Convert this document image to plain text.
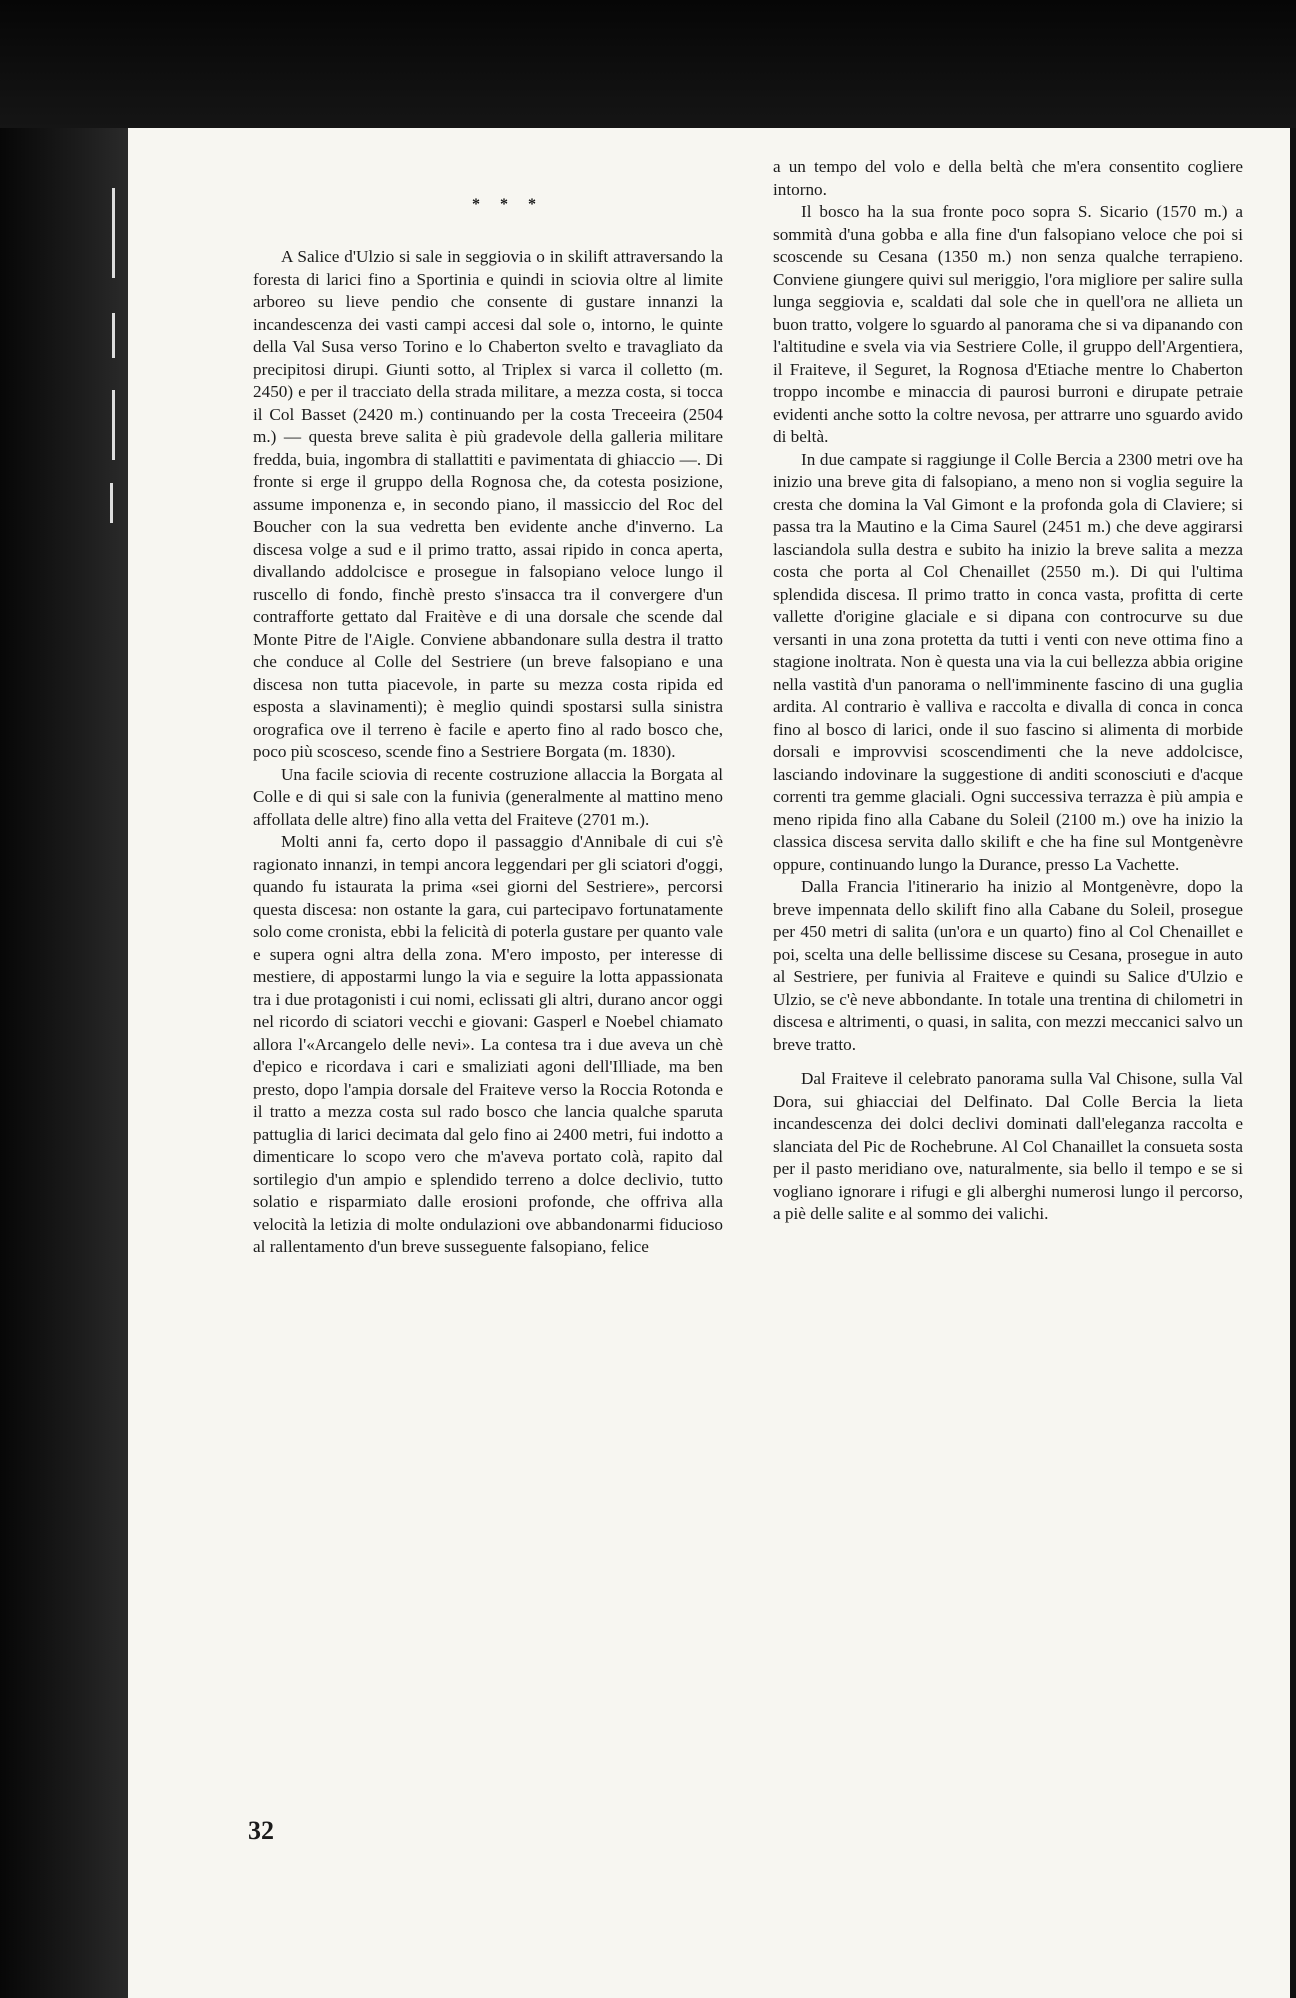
* * *

A Salice d'Ulzio si sale in seggiovia o in skilift attraversando la foresta di larici fino a Sportinia e quindi in sciovia oltre al limite arboreo su lieve pendio che consente di gustare innanzi la incandescenza dei vasti campi accesi dal sole o, intorno, le quinte della Val Susa verso Torino e lo Chaberton svelto e travagliato da precipitosi dirupi. Giunti sotto, al Triplex si varca il colletto (m. 2450) e per il tracciato della strada militare, a mezza costa, si tocca il Col Basset (2420 m.) continuando per la costa Treceeira (2504 m.) — questa breve salita è più gradevole della galleria militare fredda, buia, ingombra di stallattiti e pavimentata di ghiaccio —. Di fronte si erge il gruppo della Rognosa che, da cotesta posizione, assume imponenza e, in secondo piano, il massiccio del Roc del Boucher con la sua vedretta ben evidente anche d'inverno. La discesa volge a sud e il primo tratto, assai ripido in conca aperta, divallando addolcisce e prosegue in falsopiano veloce lungo il ruscello di fondo, finchè presto s'insacca tra il convergere d'un contrafforte gettato dal Fraitève e di una dorsale che scende dal Monte Pitre de l'Aigle. Conviene abbandonare sulla destra il tratto che conduce al Colle del Sestriere (un breve falsopiano e una discesa non tutta piacevole, in parte su mezza costa ripida ed esposta a slavinamenti); è meglio quindi spostarsi sulla sinistra orografica ove il terreno è facile e aperto fino al rado bosco che, poco più scosceso, scende fino a Sestriere Borgata (m. 1830).

Una facile sciovia di recente costruzione allaccia la Borgata al Colle e di qui si sale con la funivia (generalmente al mattino meno affollata delle altre) fino alla vetta del Fraiteve (2701 m.).

Molti anni fa, certo dopo il passaggio d'Annibale di cui s'è ragionato innanzi, in tempi ancora leggendari per gli sciatori d'oggi, quando fu istaurata la prima «sei giorni del Sestriere», percorsi questa discesa: non ostante la gara, cui partecipavo fortunatamente solo come cronista, ebbi la felicità di poterla gustare per quanto vale e supera ogni altra della zona. M'ero imposto, per interesse di mestiere, di appostarmi lungo la via e seguire la lotta appassionata tra i due protagonisti i cui nomi, eclissati gli altri, durano ancor oggi nel ricordo di sciatori vecchi e giovani: Gasperl e Noebel chiamato allora l'«Arcangelo delle nevi». La contesa tra i due aveva un chè d'epico e ricordava i cari e smaliziati agoni dell'Illiade, ma ben presto, dopo l'ampia dorsale del Fraiteve verso la Roccia Rotonda e il tratto a mezza costa sul rado bosco che lancia qualche sparuta pattuglia di larici decimata dal gelo fino ai 2400 metri, fui indotto a dimenticare lo scopo vero che m'aveva portato colà, rapito dal sortilegio d'un ampio e splendido terreno a dolce declivio, tutto solatio e risparmiato dalle erosioni profonde, che offriva alla velocità la letizia di molte ondulazioni ove abbandonarmi fiducioso al rallentamento d'un breve susseguente falsopiano, felice

a un tempo del volo e della beltà che m'era consentito cogliere intorno.

Il bosco ha la sua fronte poco sopra S. Sicario (1570 m.) a sommità d'una gobba e alla fine d'un falsopiano veloce che poi si scoscende su Cesana (1350 m.) non senza qualche terrapieno. Conviene giungere quivi sul meriggio, l'ora migliore per salire sulla lunga seggiovia e, scaldati dal sole che in quell'ora ne allieta un buon tratto, volgere lo sguardo al panorama che si va dipanando con l'altitudine e svela via via Sestriere Colle, il gruppo dell'Argentiera, il Fraiteve, il Seguret, la Rognosa d'Etiache mentre lo Chaberton troppo incombe e minaccia di paurosi burroni e dirupate petraie evidenti anche sotto la coltre nevosa, per attrarre uno sguardo avido di beltà.

In due campate si raggiunge il Colle Bercia a 2300 metri ove ha inizio una breve gita di falsopiano, a meno non si voglia seguire la cresta che domina la Val Gimont e la profonda gola di Claviere; si passa tra la Mautino e la Cima Saurel (2451 m.) che deve aggirarsi lasciandola sulla destra e subito ha inizio la breve salita a mezza costa che porta al Col Chenaillet (2550 m.). Di qui l'ultima splendida discesa. Il primo tratto in conca vasta, profitta di certe vallette d'origine glaciale e si dipana con controcurve su due versanti in una zona protetta da tutti i venti con neve ottima fino a stagione inoltrata. Non è questa una via la cui bellezza abbia origine nella vastità d'un panorama o nell'imminente fascino di una guglia ardita. Al contrario è valliva e raccolta e divalla di conca in conca fino al bosco di larici, onde il suo fascino si alimenta di morbide dorsali e improvvisi scoscendimenti che la neve addolcisce, lasciando indovinare la suggestione di anditi sconosciuti e d'acque correnti tra gemme glaciali. Ogni successiva terrazza è più ampia e meno ripida fino alla Cabane du Soleil (2100 m.) ove ha inizio la classica discesa servita dallo skilift e che ha fine sul Montgenèvre oppure, continuando lungo la Durance, presso La Vachette.

Dalla Francia l'itinerario ha inizio al Montgenèvre, dopo la breve impennata dello skilift fino alla Cabane du Soleil, prosegue per 450 metri di salita (un'ora e un quarto) fino al Col Chenaillet e poi, scelta una delle bellissime discese su Cesana, prosegue in auto al Sestriere, per funivia al Fraiteve e quindi su Salice d'Ulzio e Ulzio, se c'è neve abbondante. In totale una trentina di chilometri in discesa e altrimenti, o quasi, in salita, con mezzi meccanici salvo un breve tratto.

Dal Fraiteve il celebrato panorama sulla Val Chisone, sulla Val Dora, sui ghiacciai del Delfinato. Dal Colle Bercia la lieta incandescenza dei dolci declivi dominati dall'eleganza raccolta e slanciata del Pic de Rochebrune. Al Col Chanaillet la consueta sosta per il pasto meridiano ove, naturalmente, sia bello il tempo e se si vogliano ignorare i rifugi e gli alberghi numerosi lungo il percorso, a piè delle salite e al sommo dei valichi.

32
